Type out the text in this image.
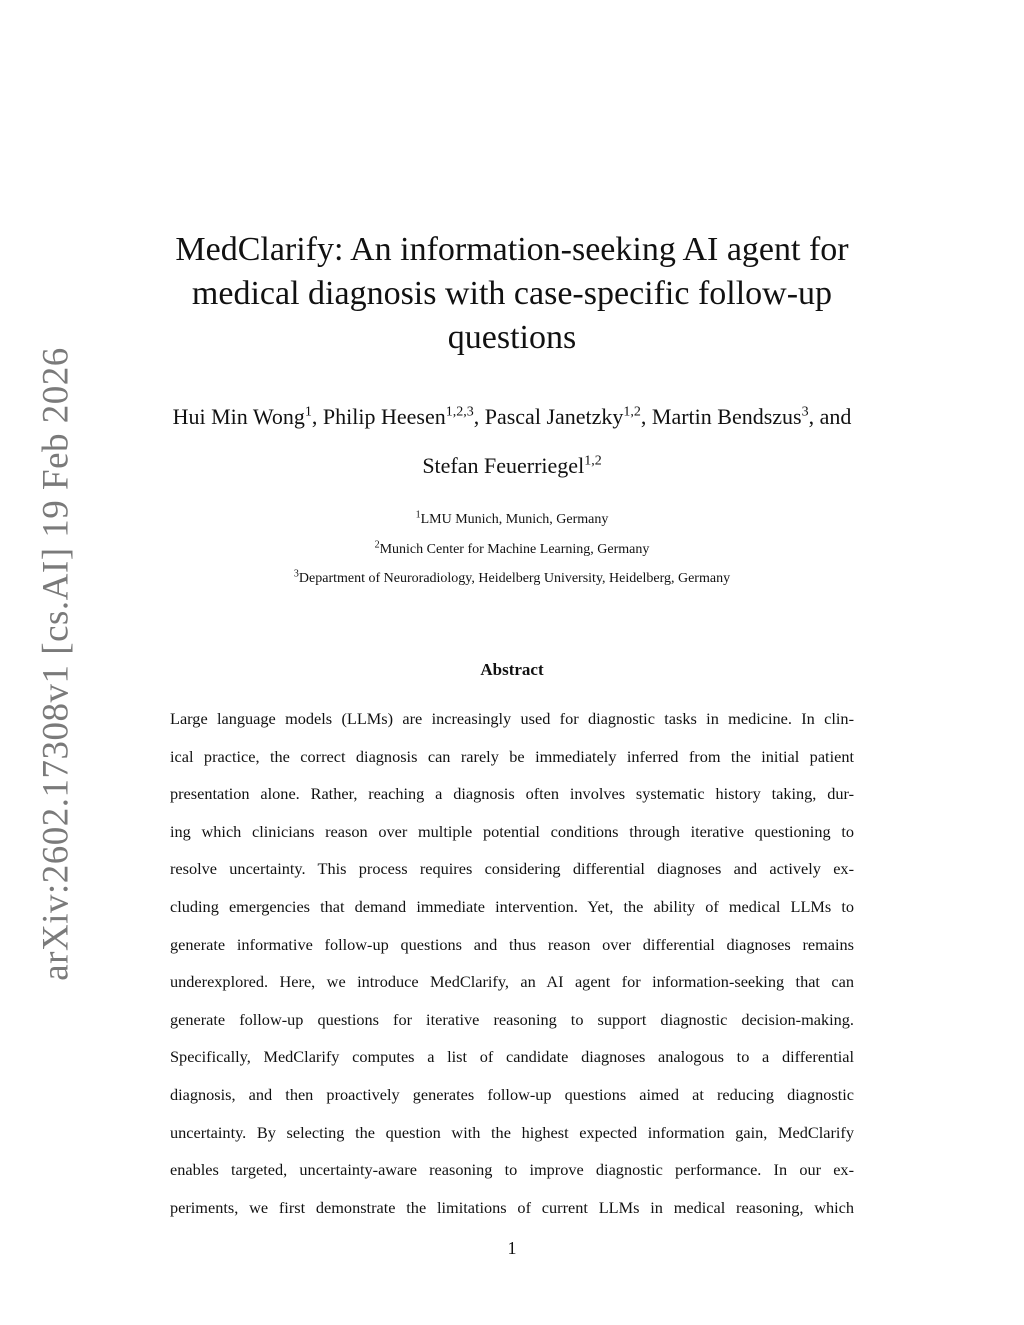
arXiv:2602.17308v1 [cs.AI] 19 Feb 2026
MedClarify: An information-seeking AI agent for
medical diagnosis with case-specific follow-up
questions
Hui Min Wong$^1$, Philip Heesen$^{1,2,3}$, Pascal Janetzky$^{1,2}$, Martin Bendszus$^3$, and
Stefan Feuerriegel$^{1,2}$
$^1$LMU Munich, Munich, Germany
$^2$Munich Center for Machine Learning, Germany
$^3$Department of Neuroradiology, Heidelberg University, Heidelberg, Germany
Abstract
Large language models (LLMs) are increasingly used for diagnostic tasks in medicine. In clin-
ical practice, the correct diagnosis can rarely be immediately inferred from the initial patient
presentation alone. Rather, reaching a diagnosis often involves systematic history taking, dur-
ing which clinicians reason over multiple potential conditions through iterative questioning to
resolve uncertainty. This process requires considering differential diagnoses and actively ex-
cluding emergencies that demand immediate intervention. Yet, the ability of medical LLMs to
generate informative follow-up questions and thus reason over differential diagnoses remains
underexplored. Here, we introduce MedClarify, an AI agent for information-seeking that can
generate follow-up questions for iterative reasoning to support diagnostic decision-making.
Specifically, MedClarify computes a list of candidate diagnoses analogous to a differential
diagnosis, and then proactively generates follow-up questions aimed at reducing diagnostic
uncertainty. By selecting the question with the highest expected information gain, MedClarify
enables targeted, uncertainty-aware reasoning to improve diagnostic performance. In our ex-
periments, we first demonstrate the limitations of current LLMs in medical reasoning, which
1
